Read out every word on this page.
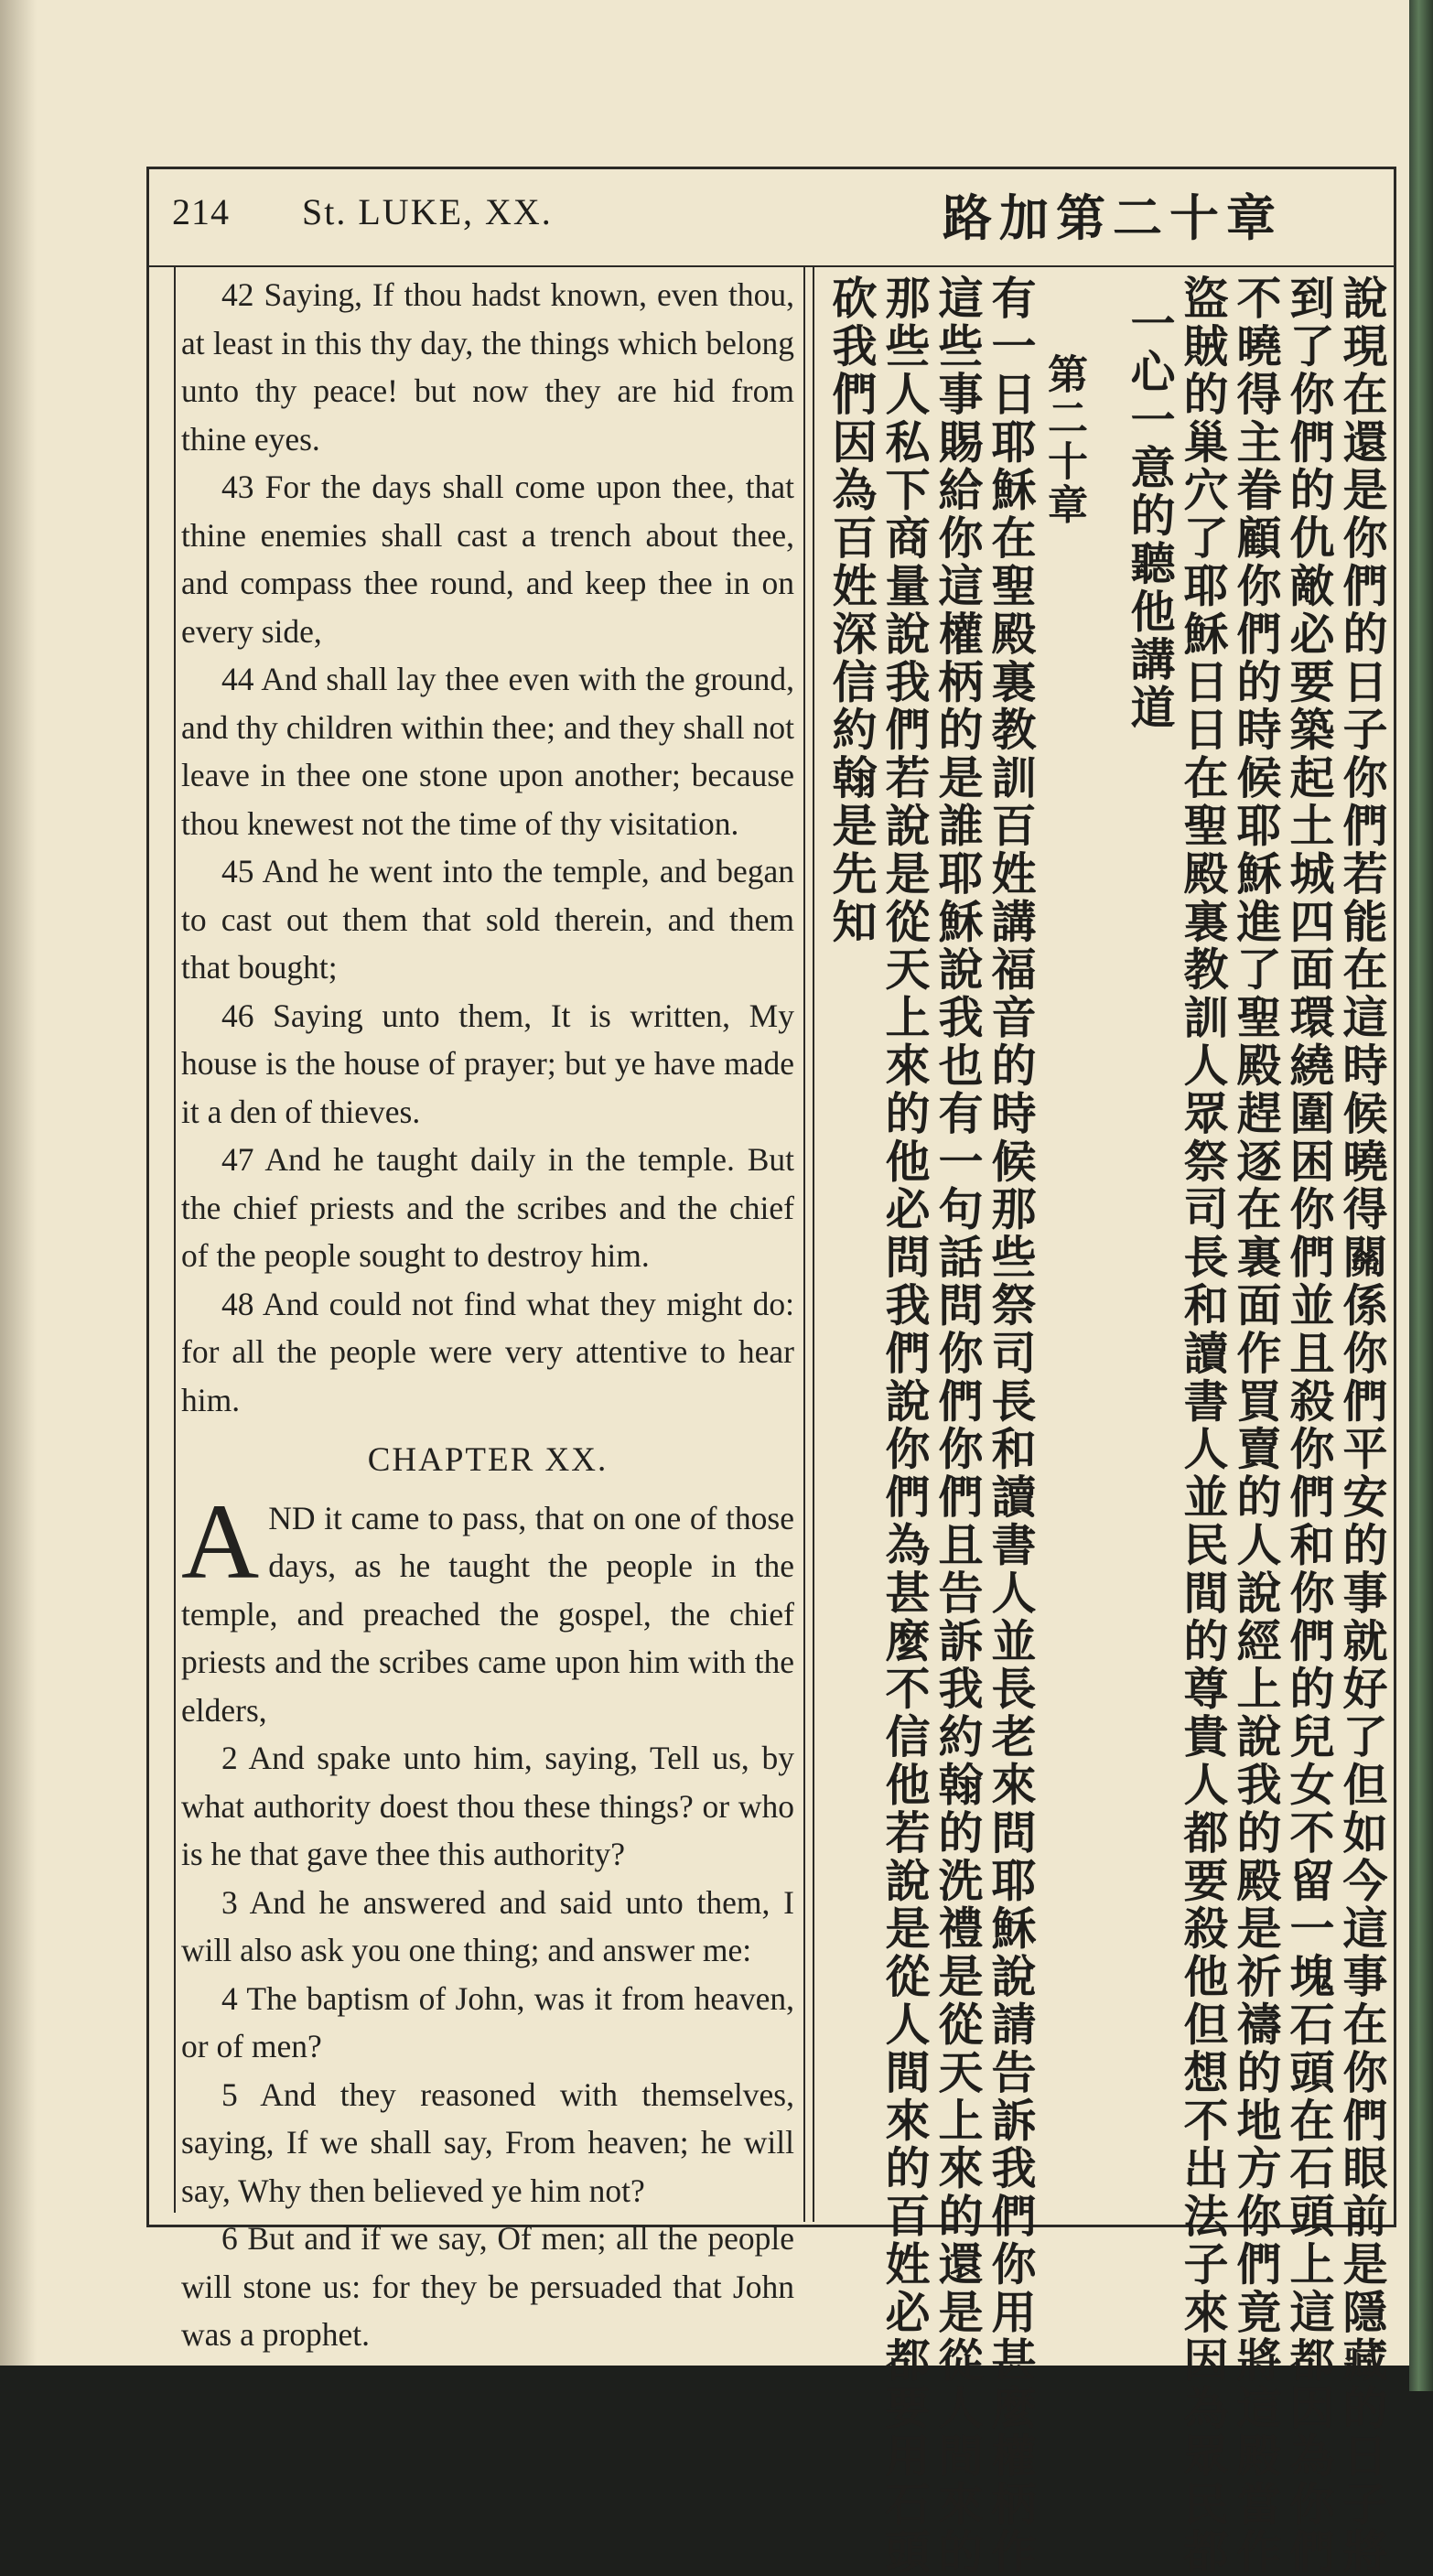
214 St. LUKE, XX.	路加第二十章

42 Saying, If thou hadst known, even thou, at least in this thy day, the things which belong unto thy peace! but now they are hid from thine eyes.

43 For the days shall come upon thee, that thine enemies shall cast a trench about thee, and compass thee round, and keep thee in on every side,

44 And shall lay thee even with the ground, and thy children within thee; and they shall not leave in thee one stone upon another; because thou knewest not the time of thy visitation.

45 And he went into the temple, and began to cast out them that sold therein, and them that bought;

46 Saying unto them, It is written, My house is the house of prayer; but ye have made it a den of thieves.

47 And he taught daily in the temple. But the chief priests and the scribes and the chief of the people sought to destroy him.

48 And could not find what they might do: for all the people were very attentive to hear him.

CHAPTER XX.

AND it came to pass, that on one of those days, as he taught the people in the temple, and preached the gospel, the chief priests and the scribes came upon him with the elders,

2 And spake unto him, saying, Tell us, by what authority doest thou these things? or who is he that gave thee this authority?

3 And he answered and said unto them, I will also ask you one thing; and answer me:

4 The baptism of John, was it from heaven, or of men?

5 And they reasoned with themselves, saying, If we shall say, From heaven; he will say, Why then believed ye him not?

6 But and if we say, Of men; all the people will stone us: for they be persuaded that John was a prophet.	說現在還是你們的日子你們若能在這時候曉得關係你們平安的事就好了但如今這事在你們眼前是隱藏的日子將
到了你們的仇敵必要築起土城四面環繞圍困你們並且殺你們和你們的兒女不留一塊石頭在石頭上這都因為你們
不曉得主眷顧你們的時候耶穌進了聖殿趕逐在裏面作買賣的人說經上說我的殿是祈禱的地方你們竟將這殿當作
盜賊的巢穴了耶穌日日在聖殿裏教訓人眾祭司長和讀書人並民間的尊貴人都要殺他但想不出法子來因為眾民都
一心一意的聽他講道
第二十章
有一日耶穌在聖殿裏教訓百姓講福音的時候那些祭司長和讀書人並長老來問耶穌說請告訴我們你用甚麼權柄作
這些事賜給你這權柄的是誰耶穌說我也有一句話問你們你們且告訴我約翰的洗禮是從天上來的還是從人間來的
那些人私下商量說我們若說是從天上來的他必問我們說你們為甚麼不信他若說是從人間來的百姓必都要用石頭
砍我們因為百姓深信約翰是先知
